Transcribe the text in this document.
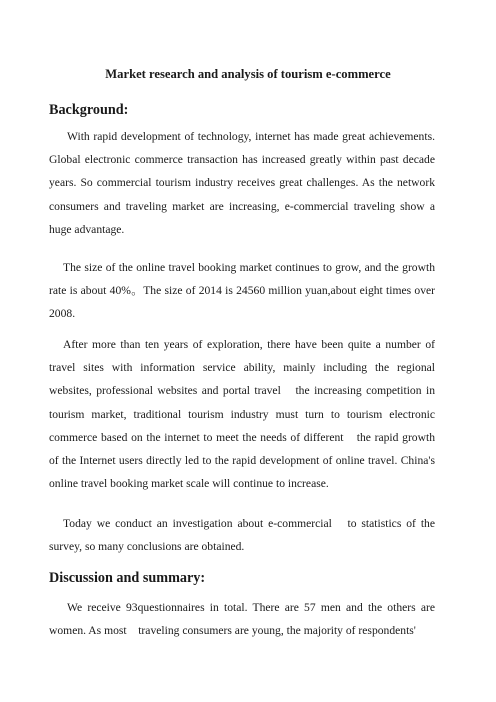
Market research and analysis of tourism e-commerce
Background:

With rapid development of technology, internet has made great achievements. Global electronic commerce transaction has increased greatly within past decade years. So commercial tourism industry receives great challenges. As the network consumers and traveling market are increasing, e-commercial traveling show a huge advantage.

The size of the online travel booking market continues to grow, and the growth rate is about 40%。The size of 2014 is 24560 million yuan,about eight times over 2008.

After more than ten years of exploration, there have been quite a number of travel sites with information service ability, mainly including the regional websites, professional websites and portal travel　the increasing competition in tourism market, traditional tourism industry must turn to tourism electronic commerce based on the internet to meet the needs of different　the rapid growth of the Internet users directly led to the rapid development of online travel. China's online travel booking market scale will continue to increase.

Today we conduct an investigation about e-commercial　to statistics of the survey, so many conclusions are obtained.

Discussion and summary:

We receive 93questionnaires in total. There are 57 men and the others are women. As most　traveling consumers are young, the majority of respondents'
